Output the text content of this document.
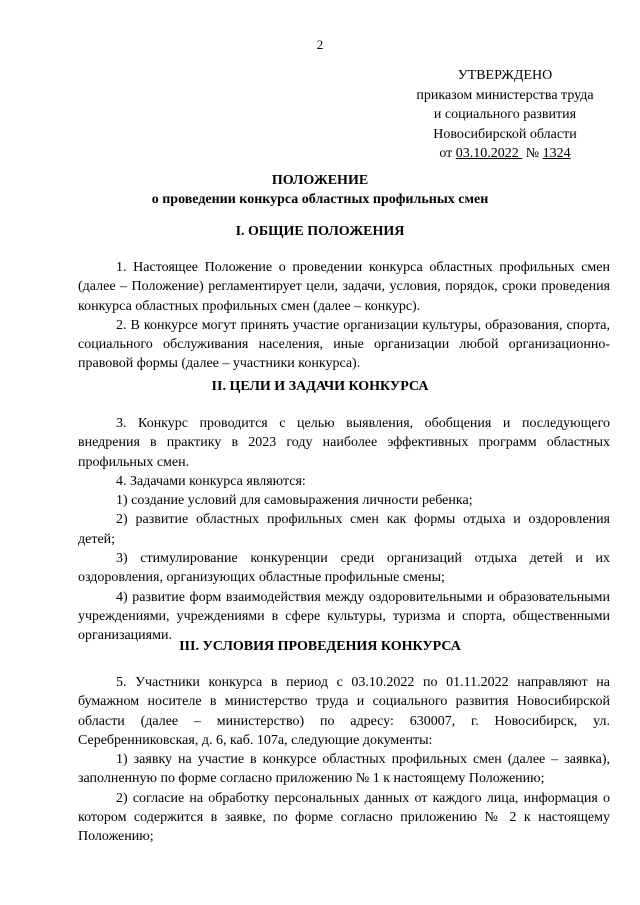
2
УТВЕРЖДЕНО
приказом министерства труда
и социального развития
Новосибирской области
от 03.10.2022 № 1324
ПОЛОЖЕНИЕ
о проведении конкурса областных профильных смен
I. ОБЩИЕ ПОЛОЖЕНИЯ

1. Настоящее Положение о проведении конкурса областных профильных смен (далее – Положение) регламентирует цели, задачи, условия, порядок, сроки проведения конкурса областных профильных смен (далее – конкурс).

2. В конкурсе могут принять участие организации культуры, образования, спорта, социального обслуживания населения, иные организации любой организационно-правовой формы (далее – участники конкурса).

II. ЦЕЛИ И ЗАДАЧИ КОНКУРСА

3. Конкурс проводится с целью выявления, обобщения и последующего внедрения в практику в 2023 году наиболее эффективных программ областных профильных смен.

4. Задачами конкурса являются:

1) создание условий для самовыражения личности ребенка;

2) развитие областных профильных смен как формы отдыха и оздоровления детей;

3) стимулирование конкуренции среди организаций отдыха детей и их оздоровления, организующих областные профильные смены;

4) развитие форм взаимодействия между оздоровительными и образовательными учреждениями, учреждениями в сфере культуры, туризма и спорта, общественными организациями.

III. УСЛОВИЯ ПРОВЕДЕНИЯ КОНКУРСА

5. Участники конкурса в период с 03.10.2022 по 01.11.2022 направляют на бумажном носителе в министерство труда и социального развития Новосибирской области (далее – министерство) по адресу: 630007, г. Новосибирск, ул. Серебренниковская, д. 6, каб. 107а, следующие документы:

1) заявку на участие в конкурсе областных профильных смен (далее – заявка), заполненную по форме согласно приложению № 1 к настоящему Положению;

2) согласие на обработку персональных данных от каждого лица, информация о котором содержится в заявке, по форме согласно приложению № 2 к настоящему Положению;
